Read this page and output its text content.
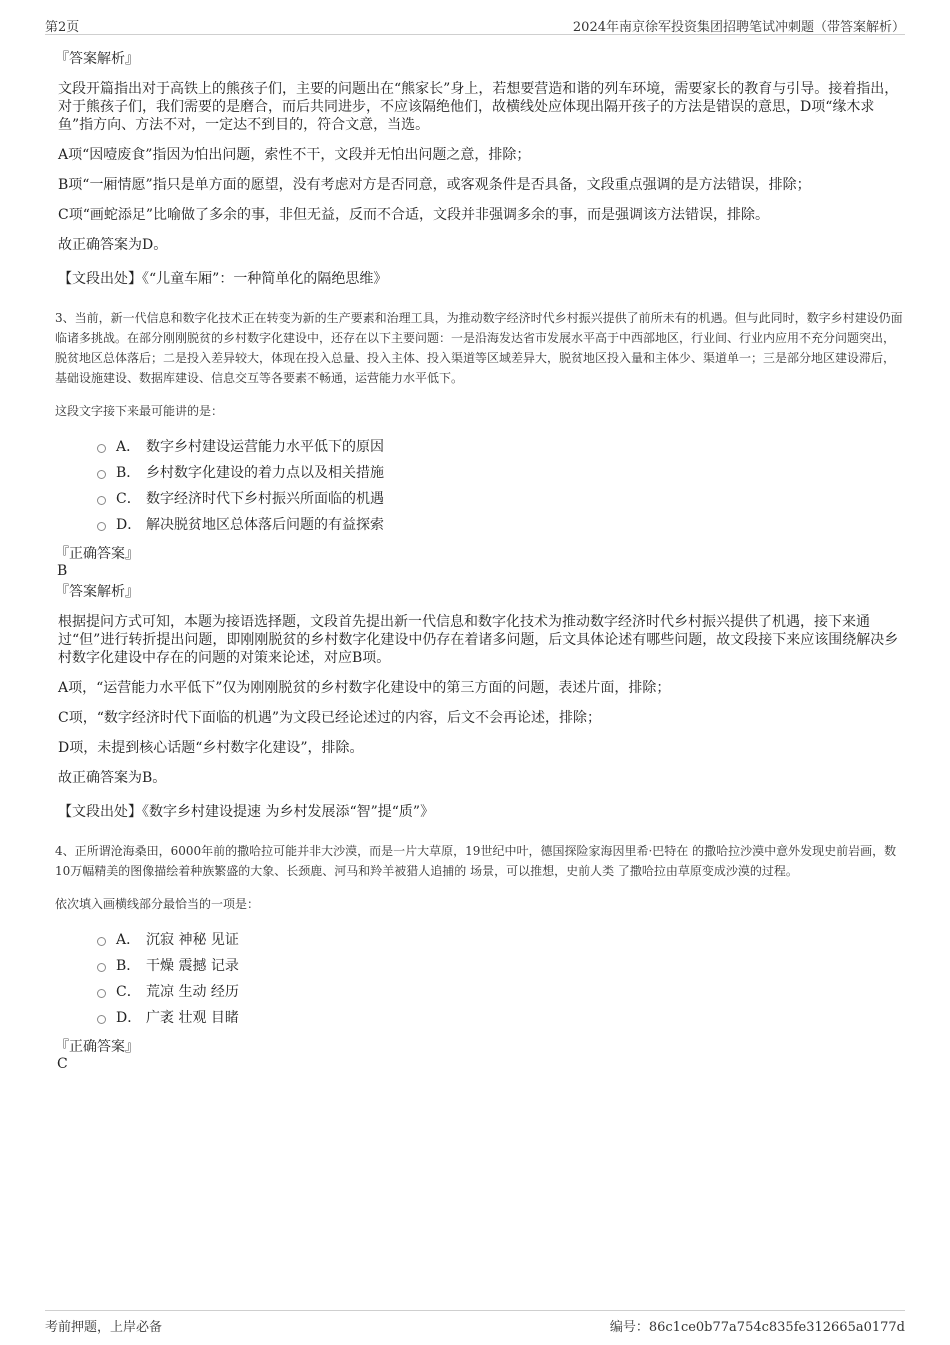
第2页	2024年南京徐军投资集团招聘笔试冲刺题（带答案解析）
『答案解析』
文段开篇指出对于高铁上的熊孩子们，主要的问题出在“熊家长”身上，若想要营造和谐的列车环境，需要家长的教育与引导。接着指出，对于熊孩子们，我们需要的是磨合，而后共同进步，不应该隔绝他们，故横线处应体现出隔开孩子的方法是错误的意思，D项“缘木求鱼”指方向、方法不对，一定达不到目的，符合文意，当选。
A项“因噎废食”指因为怕出问题，索性不干，文段并无怕出问题之意，排除；
B项“一厢情愿”指只是单方面的愿望，没有考虑对方是否同意，或客观条件是否具备，文段重点强调的是方法错误，排除；
C项“画蛇添足”比喻做了多余的事，非但无益，反而不合适，文段并非强调多余的事，而是强调该方法错误，排除。
故正确答案为D。
【文段出处】《“儿童车厢”：一种简单化的隔绝思维》
3、当前，新一代信息和数字化技术正在转变为新的生产要素和治理工具，为推动数字经济时代乡村振兴提供了前所未有的机遇。但与此同时，数字乡村建设仍面临诸多挑战。在部分刚刚脱贫的乡村数字化建设中，还存在以下主要问题：一是沿海发达省市发展水平高于中西部地区，行业间、行业内应用不充分问题突出，脱贫地区总体落后；二是投入差异较大，体现在投入总量、投入主体、投入渠道等区域差异大，脱贫地区投入量和主体少、渠道单一；三是部分地区建设滞后，基础设施建设、数据库建设、信息交互等各要素不畅通，运营能力水平低下。
这段文字接下来最可能讲的是：
A． 数字乡村建设运营能力水平低下的原因
B． 乡村数字化建设的着力点以及相关措施
C． 数字经济时代下乡村振兴所面临的机遇
D． 解决脱贫地区总体落后问题的有益探索
『正确答案』
B
『答案解析』
根据提问方式可知，本题为接语选择题，文段首先提出新一代信息和数字化技术为推动数字经济时代乡村振兴提供了机遇，接下来通过“但”进行转折提出问题，即刚刚脱贫的乡村数字化建设中仍存在着诸多问题，后文具体论述有哪些问题，故文段接下来应该围绕解决乡村数字化建设中存在的问题的对策来论述，对应B项。
A项，“运营能力水平低下”仅为刚刚脱贫的乡村数字化建设中的第三方面的问题，表述片面，排除；
C项，“数字经济时代下面临的机遇”为文段已经论述过的内容，后文不会再论述，排除；
D项，未提到核心话题“乡村数字化建设”，排除。
故正确答案为B。
【文段出处】《数字乡村建设提速 为乡村发展添“智”提“质”》
4、正所谓沧海桑田，6000年前的撒哈拉可能并非大沙漠，而是一片大草原，19世纪中叶，德国探险家海因里希·巴特在 的撒哈拉沙漠中意外发现史前岩画，数10万幅精美的图像描绘着种族繁盛的大象、长颈鹿、河马和羚羊被猎人追捕的 场景，可以推想，史前人类 了撒哈拉由草原变成沙漠的过程。
依次填入画横线部分最恰当的一项是：
A． 沉寂 神秘 见证
B． 干燥 震撼 记录
C． 荒凉 生动 经历
D． 广袤 壮观 目睹
『正确答案』
C
考前押题，上岸必备	编号：86c1ce0b77a754c835fe312665a0177d
